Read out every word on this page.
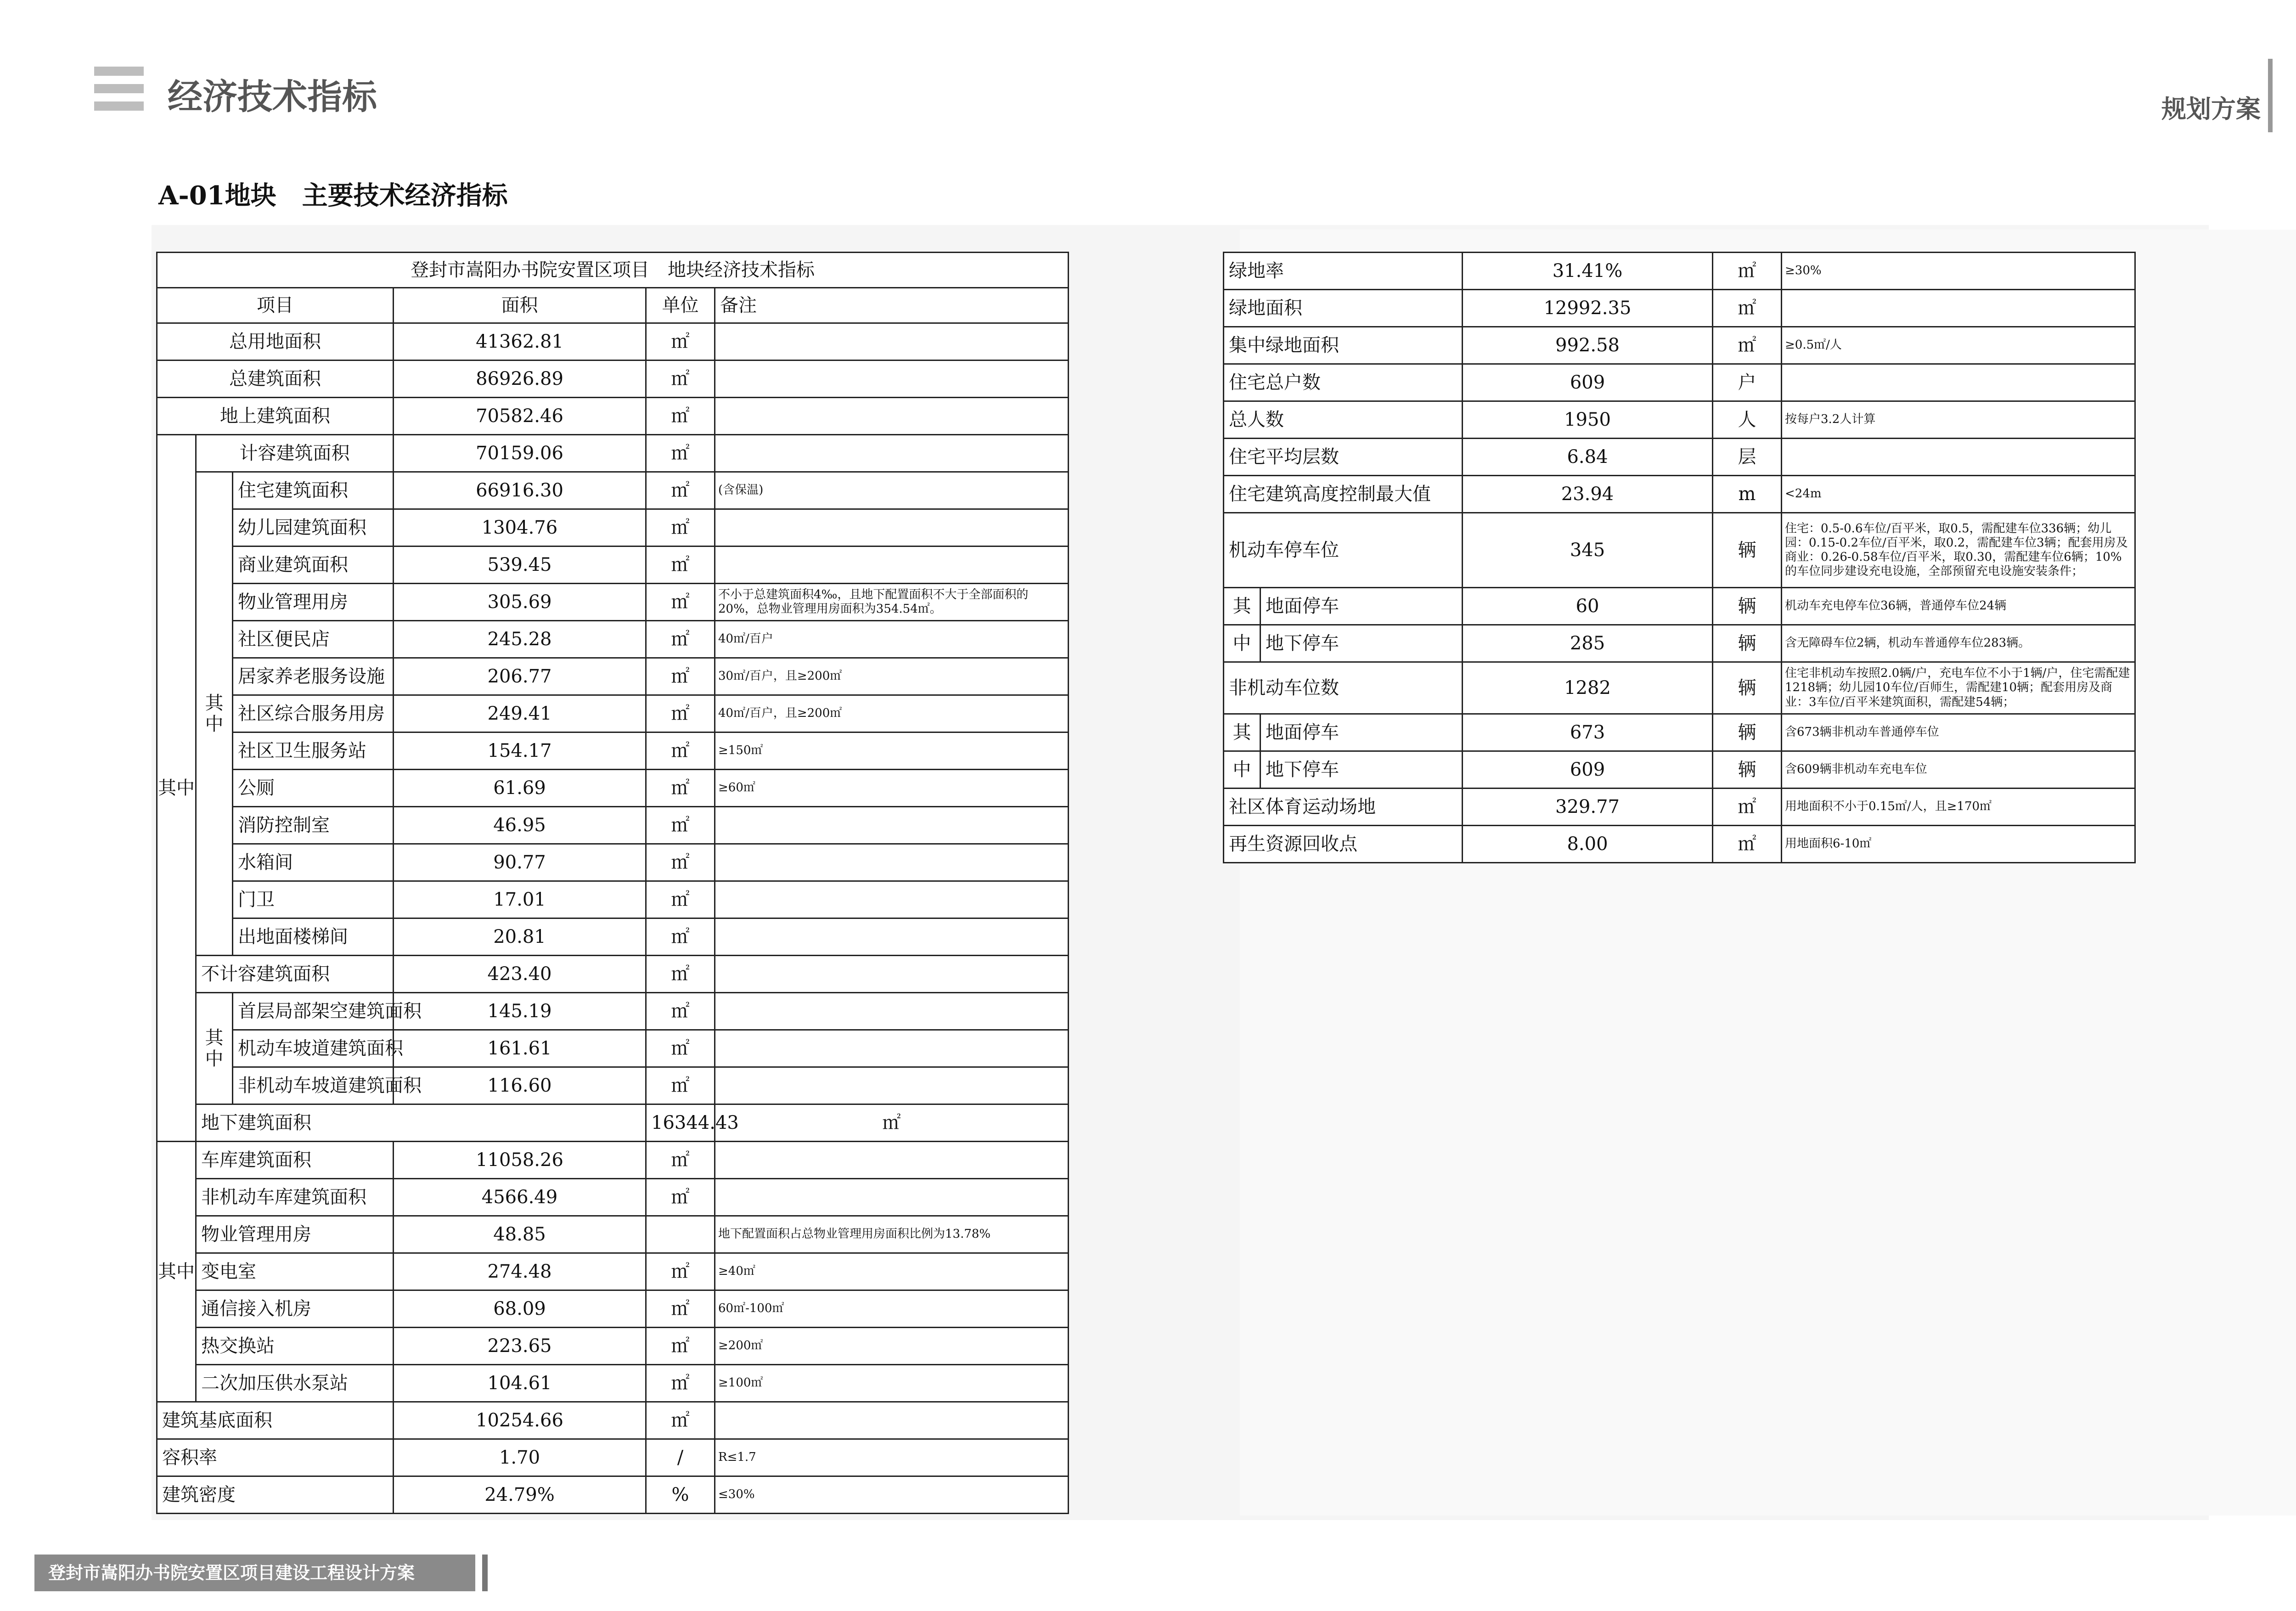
经济技术指标	规划方案
A-01地块　主要技术经济指标
登封市嵩阳办书院安置区项目　地块经济技术指标						
项目			面积	单位	备注	
总用地面积			41362.81	㎡		
总建筑面积			86926.89	㎡		
地上建筑面积			70582.46	㎡		
其中	计容建筑面积		70159.06	㎡		
	其中	住宅建筑面积	66916.30	㎡	(含保温)	
		幼儿园建筑面积	1304.76	㎡		
		商业建筑面积	539.45	㎡		
		物业管理用房	305.69	㎡	不小于总建筑面积4‰，且地下配置面积不大于全部面积的20%，总物业管理用房面积为354.54㎡。	
		社区便民店	245.28	㎡	40㎡/百户	
		居家养老服务设施	206.77	㎡	30㎡/百户，且≥200㎡	
		社区综合服务用房	249.41	㎡	40㎡/百户，且≥200㎡	
		社区卫生服务站	154.17	㎡	≥150㎡	
		公厕	61.69	㎡	≥60㎡	
		消防控制室	46.95	㎡		
		水箱间	90.77	㎡		
		门卫	17.01	㎡		
		出地面楼梯间	20.81	㎡		
	不计容建筑面积		423.40	㎡		
	其中	首层局部架空建筑面积	145.19	㎡		
		机动车坡道建筑面积	161.61	㎡		
		非机动车坡道建筑面积	116.60	㎡		
	地下建筑面积			16344.43	㎡	
其中	车库建筑面积		11058.26	㎡		
	非机动车库建筑面积		4566.49	㎡		
	物业管理用房		48.85		地下配置面积占总物业管理用房面积比例为13.78%	
	变电室		274.48	㎡	≥40㎡	
	通信接入机房		68.09	㎡	60㎡-100㎡	
	热交换站		223.65	㎡	≥200㎡	
	二次加压供水泵站		104.61	㎡	≥100㎡	
建筑基底面积			10254.66	㎡		
容积率			1.70	/	R≤1.7	
建筑密度			24.79%	%	≤30%	
绿地率		31.41%	㎡	≥30%
绿地面积		12992.35	㎡	
集中绿地面积		992.58	㎡	≥0.5㎡/人
住宅总户数		609	户	
总人数		1950	人	按每户3.2人计算
住宅平均层数		6.84	层	
住宅建筑高度控制最大值		23.94	m	<24m
机动车停车位		345	辆	住宅：0.5-0.6车位/百平米，取0.5，需配建车位336辆；幼儿园：0.15-0.2车位/百平米，取0.2，需配建车位3辆；配套用房及商业：0.26-0.58车位/百平米，取0.30，需配建车位6辆；10%的车位同步建设充电设施，全部预留充电设施安装条件；
其	地面停车	60	辆	机动车充电停车位36辆，普通停车位24辆
中	地下停车	285	辆	含无障碍车位2辆，机动车普通停车位283辆。
非机动车位数		1282	辆	住宅非机动车按照2.0辆/户，充电车位不小于1辆/户，住宅需配建1218辆；幼儿园10车位/百师生，需配建10辆；配套用房及商业：3车位/百平米建筑面积，需配建54辆；
其	地面停车	673	辆	含673辆非机动车普通停车位
中	地下停车	609	辆	含609辆非机动车充电车位
社区体育运动场地		329.77	㎡	用地面积不小于0.15㎡/人，且≥170㎡
再生资源回收点		8.00	㎡	用地面积6-10㎡
登封市嵩阳办书院安置区项目建设工程设计方案
